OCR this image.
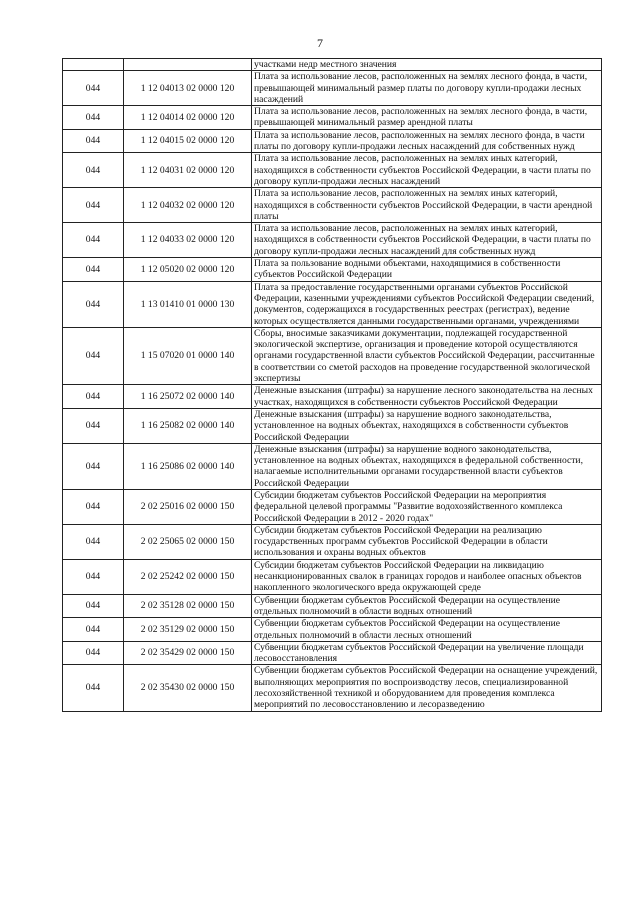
7
		участками недр местного значения
044	1 12 04013 02 0000 120	Плата за использование лесов, расположенных на землях лесного фонда, в части, превышающей минимальный размер платы по договору купли-продажи лесных насаждений
044	1 12 04014 02 0000 120	Плата за использование лесов, расположенных на землях лесного фонда, в части, превышающей минимальный размер арендной платы
044	1 12 04015 02 0000 120	Плата за использование лесов, расположенных на землях лесного фонда, в части платы по договору купли-продажи лесных насаждений для собственных нужд
044	1 12 04031 02 0000 120	Плата за использование лесов, расположенных на землях иных категорий, находящихся в собственности субъектов Российской Федерации, в части платы по договору купли-продажи лесных насаждений
044	1 12 04032 02 0000 120	Плата за использование лесов, расположенных на землях иных категорий, находящихся в собственности субъектов Российской Федерации, в части арендной платы
044	1 12 04033 02 0000 120	Плата за использование лесов, расположенных на землях иных категорий, находящихся в собственности субъектов Российской Федерации, в части платы по договору купли-продажи лесных насаждений для собственных нужд
044	1 12 05020 02 0000 120	Плата за пользование водными объектами, находящимися в собственности субъектов Российской Федерации
044	1 13 01410 01 0000 130	Плата за предоставление государственными органами субъектов Российской Федерации, казенными учреждениями субъектов Российской Федерации сведений, документов, содержащихся в государственных реестрах (регистрах), ведение которых осуществляется данными государственными органами, учреждениями
044	1 15 07020 01 0000 140	Сборы, вносимые заказчиками документации, подлежащей государственной экологической экспертизе, организация и проведение которой осуществляются органами государственной власти субъектов Российской Федерации, рассчитанные в соответствии со сметой расходов на проведение государственной экологической экспертизы
044	1 16 25072 02 0000 140	Денежные взыскания (штрафы) за нарушение лесного законодательства на лесных участках, находящихся в собственности субъектов Российской Федерации
044	1 16 25082 02 0000 140	Денежные взыскания (штрафы) за нарушение водного законодательства, установленное на водных объектах, находящихся в собственности субъектов Российской Федерации
044	1 16 25086 02 0000 140	Денежные взыскания (штрафы) за нарушение водного законодательства, установленное на водных объектах, находящихся в федеральной собственности, налагаемые исполнительными органами государственной власти субъектов Российской Федерации
044	2 02 25016 02 0000 150	Субсидии бюджетам субъектов Российской Федерации на мероприятия федеральной целевой программы "Развитие водохозяйственного комплекса Российской Федерации в 2012 - 2020 годах"
044	2 02 25065 02 0000 150	Субсидии бюджетам субъектов Российской Федерации на реализацию государственных программ субъектов Российской Федерации в области использования и охраны водных объектов
044	2 02 25242 02 0000 150	Субсидии бюджетам субъектов Российской Федерации на ликвидацию несанкционированных свалок в границах городов и наиболее опасных объектов накопленного экологического вреда окружающей среде
044	2 02 35128 02 0000 150	Субвенции бюджетам субъектов Российской Федерации на осуществление отдельных полномочий в области водных отношений
044	2 02 35129 02 0000 150	Субвенции бюджетам субъектов Российской Федерации на осуществление отдельных полномочий в области лесных отношений
044	2 02 35429 02 0000 150	Субвенции бюджетам субъектов Российской Федерации на увеличение площади лесовосстановления
044	2 02 35430 02 0000 150	Субвенции бюджетам субъектов Российской Федерации на оснащение учреждений, выполняющих мероприятия по воспроизводству лесов, специализированной лесохозяйственной техникой и оборудованием для проведения комплекса мероприятий по лесовосстановлению и лесоразведению
